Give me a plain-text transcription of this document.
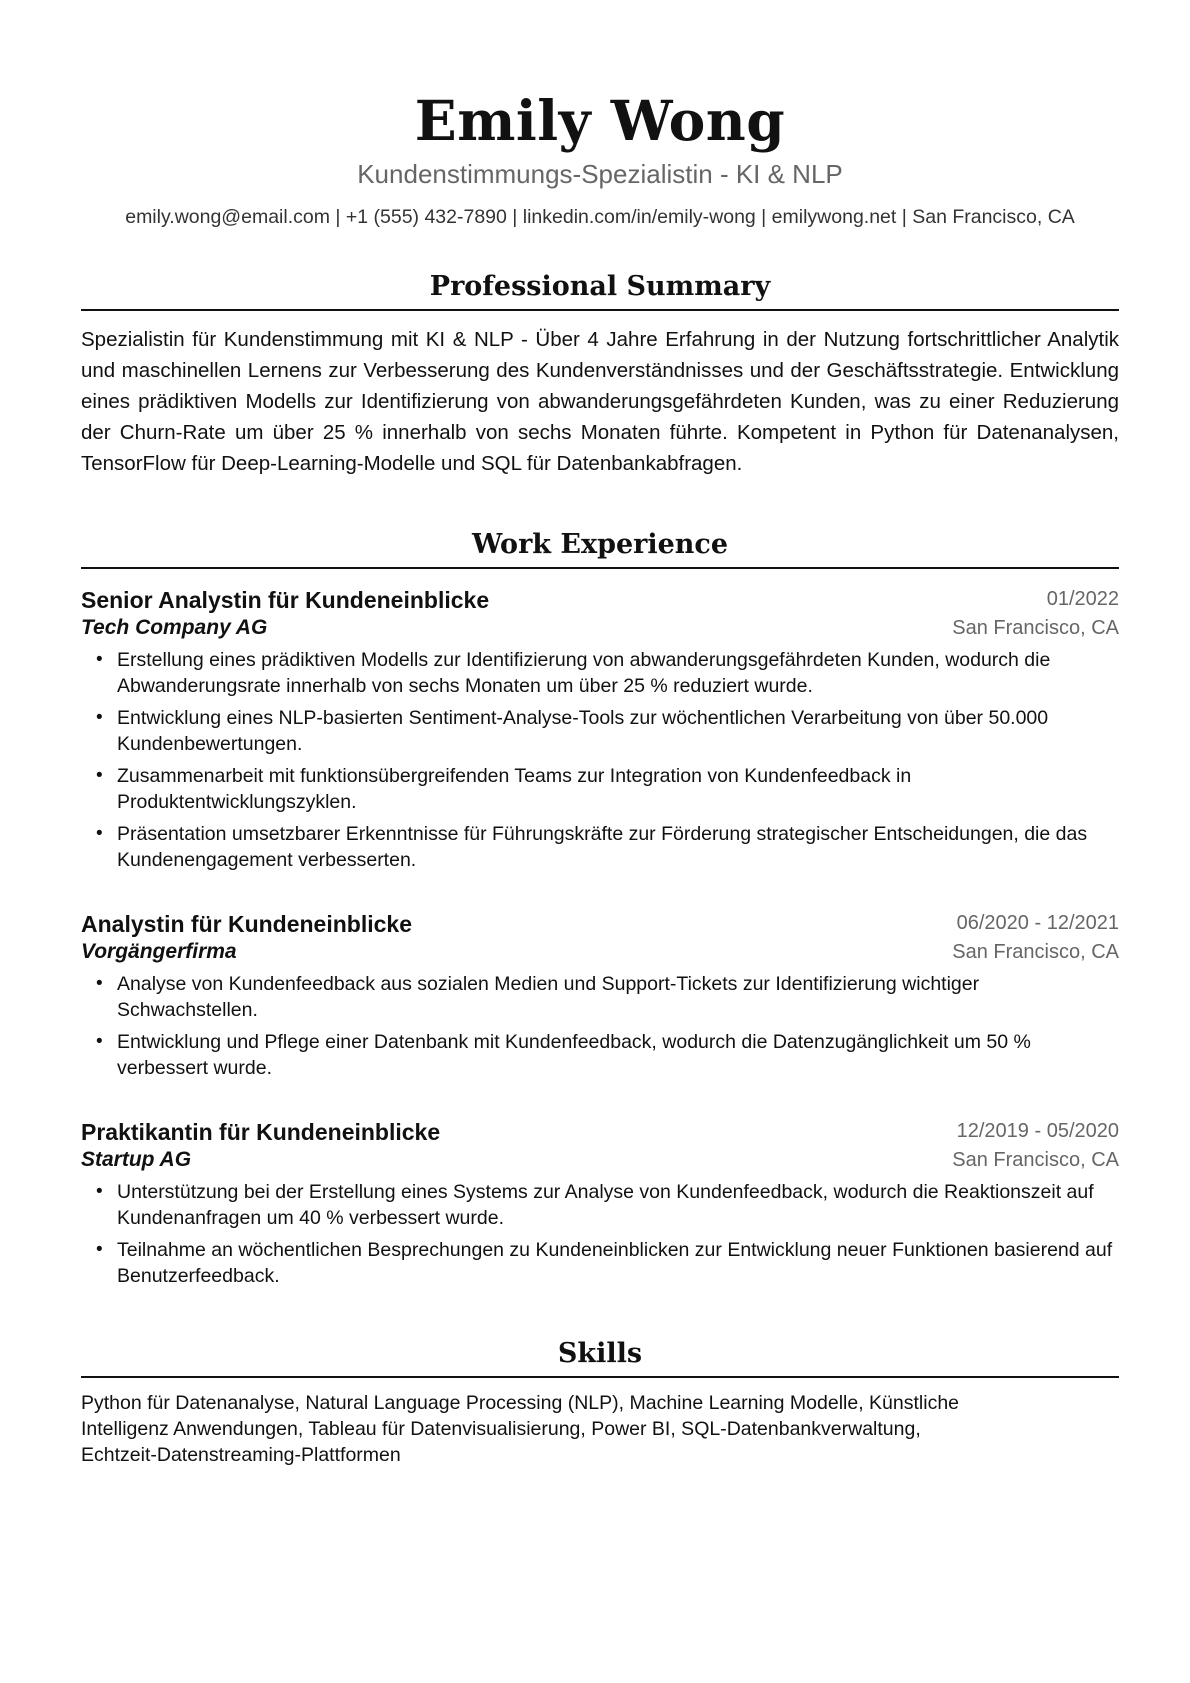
Emily Wong
Kundenstimmungs-Spezialistin - KI & NLP
emily.wong@email.com | +1 (555) 432-7890 | linkedin.com/in/emily-wong | emilywong.net | San Francisco, CA
Professional Summary
Spezialistin für Kundenstimmung mit KI & NLP - Über 4 Jahre Erfahrung in der Nutzung fortschrittlicher Analytik und maschinellen Lernens zur Verbesserung des Kundenverständnisses und der Geschäftsstrategie. Entwicklung eines prädiktiven Modells zur Identifizierung von abwanderungsgefährdeten Kunden, was zu einer Reduzierung der Churn-Rate um über 25 % innerhalb von sechs Monaten führte. Kompetent in Python für Datenanalysen, TensorFlow für Deep-Learning-Modelle und SQL für Datenbankabfragen.
Work Experience
Senior Analystin für Kundeneinblicke	01/2022
Tech Company AG	San Francisco, CA
• Erstellung eines prädiktiven Modells zur Identifizierung von abwanderungsgefährdeten Kunden, wodurch die Abwanderungsrate innerhalb von sechs Monaten um über 25 % reduziert wurde.
• Entwicklung eines NLP-basierten Sentiment-Analyse-Tools zur wöchentlichen Verarbeitung von über 50.000 Kundenbewertungen.
• Zusammenarbeit mit funktionsübergreifenden Teams zur Integration von Kundenfeedback in Produktentwicklungszyklen.
• Präsentation umsetzbarer Erkenntnisse für Führungskräfte zur Förderung strategischer Entscheidungen, die das Kundenengagement verbesserten.
Analystin für Kundeneinblicke	06/2020 - 12/2021
Vorgängerfirma	San Francisco, CA
• Analyse von Kundenfeedback aus sozialen Medien und Support-Tickets zur Identifizierung wichtiger Schwachstellen.
• Entwicklung und Pflege einer Datenbank mit Kundenfeedback, wodurch die Datenzugänglichkeit um 50 % verbessert wurde.
Praktikantin für Kundeneinblicke	12/2019 - 05/2020
Startup AG	San Francisco, CA
• Unterstützung bei der Erstellung eines Systems zur Analyse von Kundenfeedback, wodurch die Reaktionszeit auf Kundenanfragen um 40 % verbessert wurde.
• Teilnahme an wöchentlichen Besprechungen zu Kundeneinblicken zur Entwicklung neuer Funktionen basierend auf Benutzerfeedback.
Skills
Python für Datenanalyse, Natural Language Processing (NLP), Machine Learning Modelle, Künstliche Intelligenz Anwendungen, Tableau für Datenvisualisierung, Power BI, SQL-Datenbankverwaltung, Echtzeit-Datenstreaming-Plattformen
